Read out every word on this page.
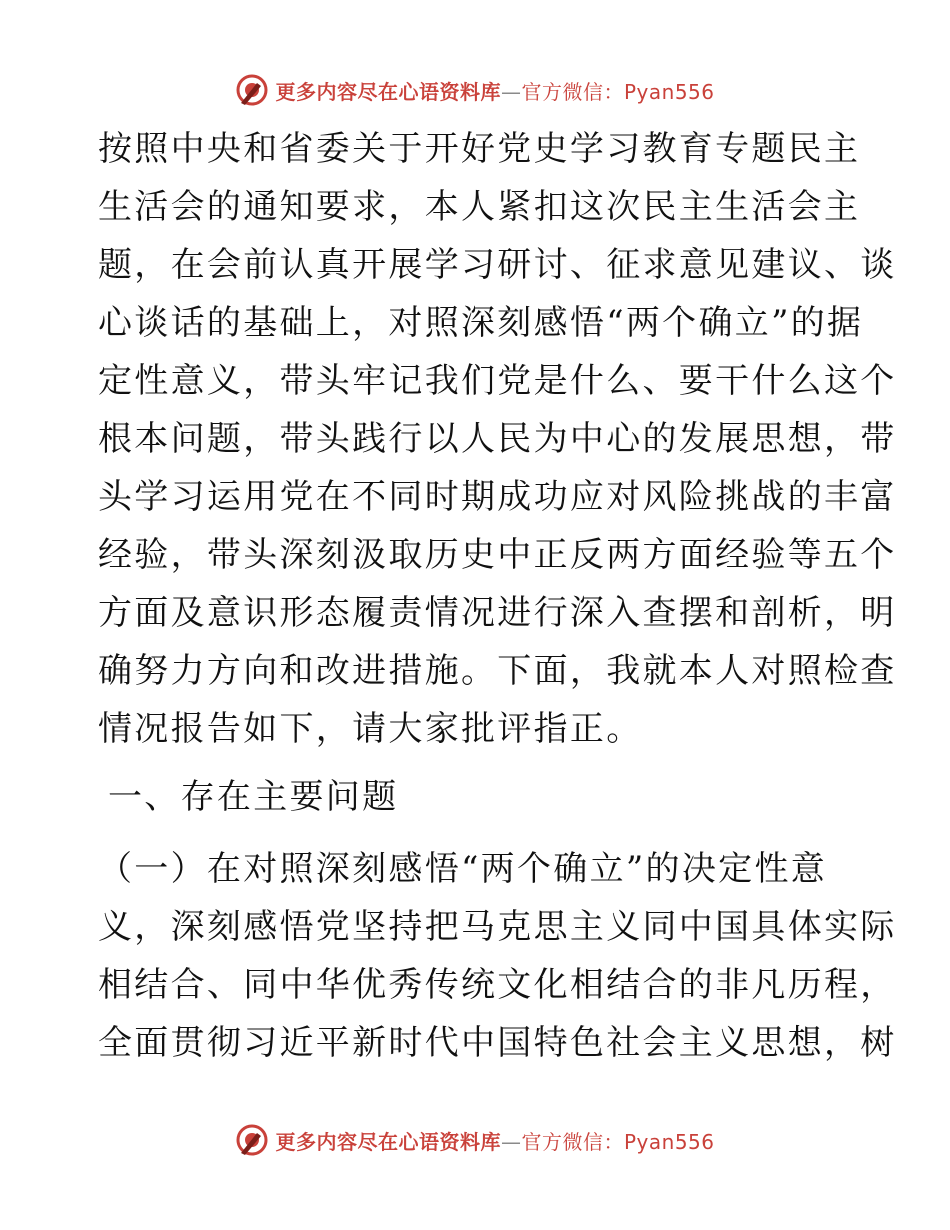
更多内容尽在心语资料库—官方微信：Pyan556
按照中央和省委关于开好党史学习教育专题民主
生活会的通知要求，本人紧扣这次民主生活会主
题，在会前认真开展学习研讨、征求意见建议、谈
心谈话的基础上，对照深刻感悟“两个确立”的据
定性意义，带头牢记我们党是什么、要干什么这个
根本问题，带头践行以人民为中心的发展思想，带
头学习运用党在不同时期成功应对风险挑战的丰富
经验，带头深刻汲取历史中正反两方面经验等五个
方面及意识形态履责情况进行深入查摆和剖析，明
确努力方向和改进措施。下面，我就本人对照检查
情况报告如下，请大家批评指正。
一、存在主要问题
（一）在对照深刻感悟“两个确立”的决定性意
义，深刻感悟党坚持把马克思主义同中国具体实际
相结合、同中华优秀传统文化相结合的非凡历程，
全面贯彻习近平新时代中国特色社会主义思想，树
更多内容尽在心语资料库—官方微信：Pyan556
